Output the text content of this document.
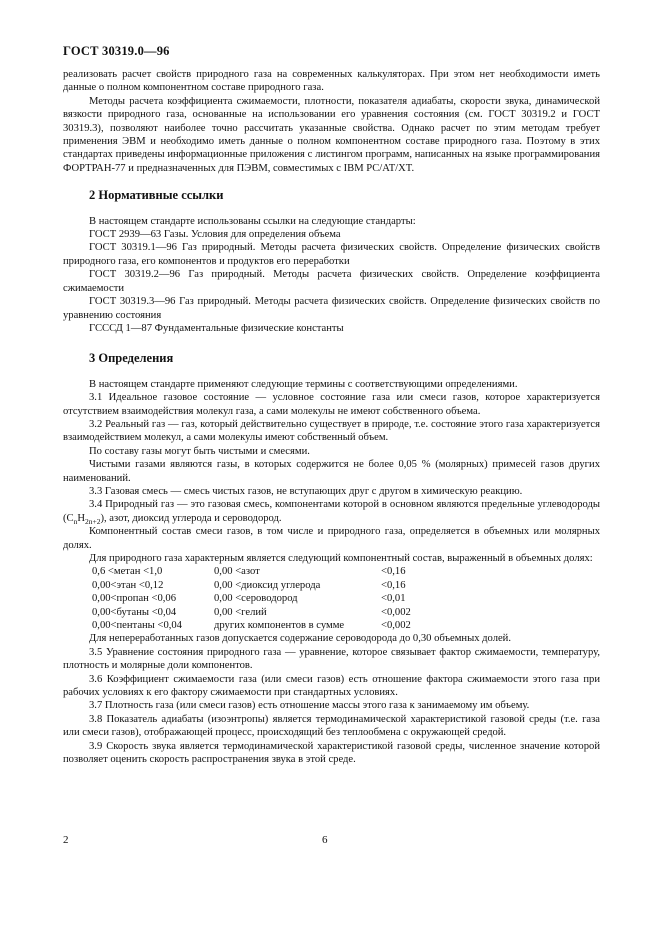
ГОСТ 30319.0—96

реализовать расчет свойств природного газа на современных калькуляторах. При этом нет необходимости иметь данные о полном компонентном составе природного газа.

Методы расчета коэффициента сжимаемости, плотности, показателя адиабаты, скорости звука, динамической вязкости природного газа, основанные на использовании его уравнения состояния (см. ГОСТ 30319.2 и ГОСТ 30319.3), позволяют наиболее точно рассчитать указанные свойства. Однако расчет по этим методам требует применения ЭВМ и необходимо иметь данные о полном компонентном составе природного газа. Поэтому в этих стандартах приведены информационные приложения с листингом программ, написанных на языке программирования ФОРТРАН-77 и предназначенных для ПЭВМ, совместимых с IBM PC/AT/XT.

2 Нормативные ссылки

В настоящем стандарте использованы ссылки на следующие стандарты:

ГОСТ 2939—63 Газы. Условия для определения объема

ГОСТ 30319.1—96 Газ природный. Методы расчета физических свойств. Определение физических свойств природного газа, его компонентов и продуктов его переработки

ГОСТ 30319.2—96 Газ природный. Методы расчета физических свойств. Определение коэффициента сжимаемости

ГОСТ 30319.3—96 Газ природный. Методы расчета физических свойств. Определение физических свойств по уравнению состояния

ГСССД 1—87 Фундаментальные физические константы

3 Определения

В настоящем стандарте применяют следующие термины с соответствующими определениями.

3.1 Идеальное газовое состояние — условное состояние газа или смеси газов, которое характеризуется отсутствием взаимодействия молекул газа, а сами молекулы не имеют собственного объема.

3.2 Реальный газ — газ, который действительно существует в природе, т.е. состояние этого газа характеризуется взаимодействием молекул, а сами молекулы имеют собственный объем.

По составу газы могут быть чистыми и смесями.

Чистыми газами являются газы, в которых содержится не более 0,05 % (молярных) примесей газов других наименований.

3.3 Газовая смесь — смесь чистых газов, не вступающих друг с другом в химическую реакцию.

3.4 Природный газ — это газовая смесь, компонентами которой в основном являются предельные углеводороды $(C_nH_{2n+2})$, азот, диоксид углерода и сероводород.

Компонентный состав смеси газов, в том числе и природного газа, определяется в объемных или молярных долях.

Для природного газа характерным является следующий компонентный состав, выраженный в объемных долях:

0,6 <метан <1,0	0,00 <азот	<0,16
0,00<этан <0,12	0,00 <диоксид углерода	<0,16
0,00<пропан <0,06	0,00 <сероводород	<0,01
0,00<бутаны <0,04	0,00 <гелий	<0,002
0,00<пентаны <0,04	других компонентов в сумме	<0,002

Для непереработанных газов допускается содержание сероводорода до 0,30 объемных долей.

3.5 Уравнение состояния природного газа — уравнение, которое связывает фактор сжимаемости, температуру, плотность и молярные доли компонентов.

3.6 Коэффициент сжимаемости газа (или смеси газов) есть отношение фактора сжимаемости этого газа при рабочих условиях к его фактору сжимаемости при стандартных условиях.

3.7 Плотность газа (или смеси газов) есть отношение массы этого газа к занимаемому им объему.

3.8 Показатель адиабаты (изоэнтропы) является термодинамической характеристикой газовой среды (т.е. газа или смеси газов), отображающей процесс, происходящий без теплообмена с окружающей средой.

3.9 Скорость звука является термодинамической характеристикой газовой среды, численное значение которой позволяет оценить скорость распространения звука в этой среде.

2	6
